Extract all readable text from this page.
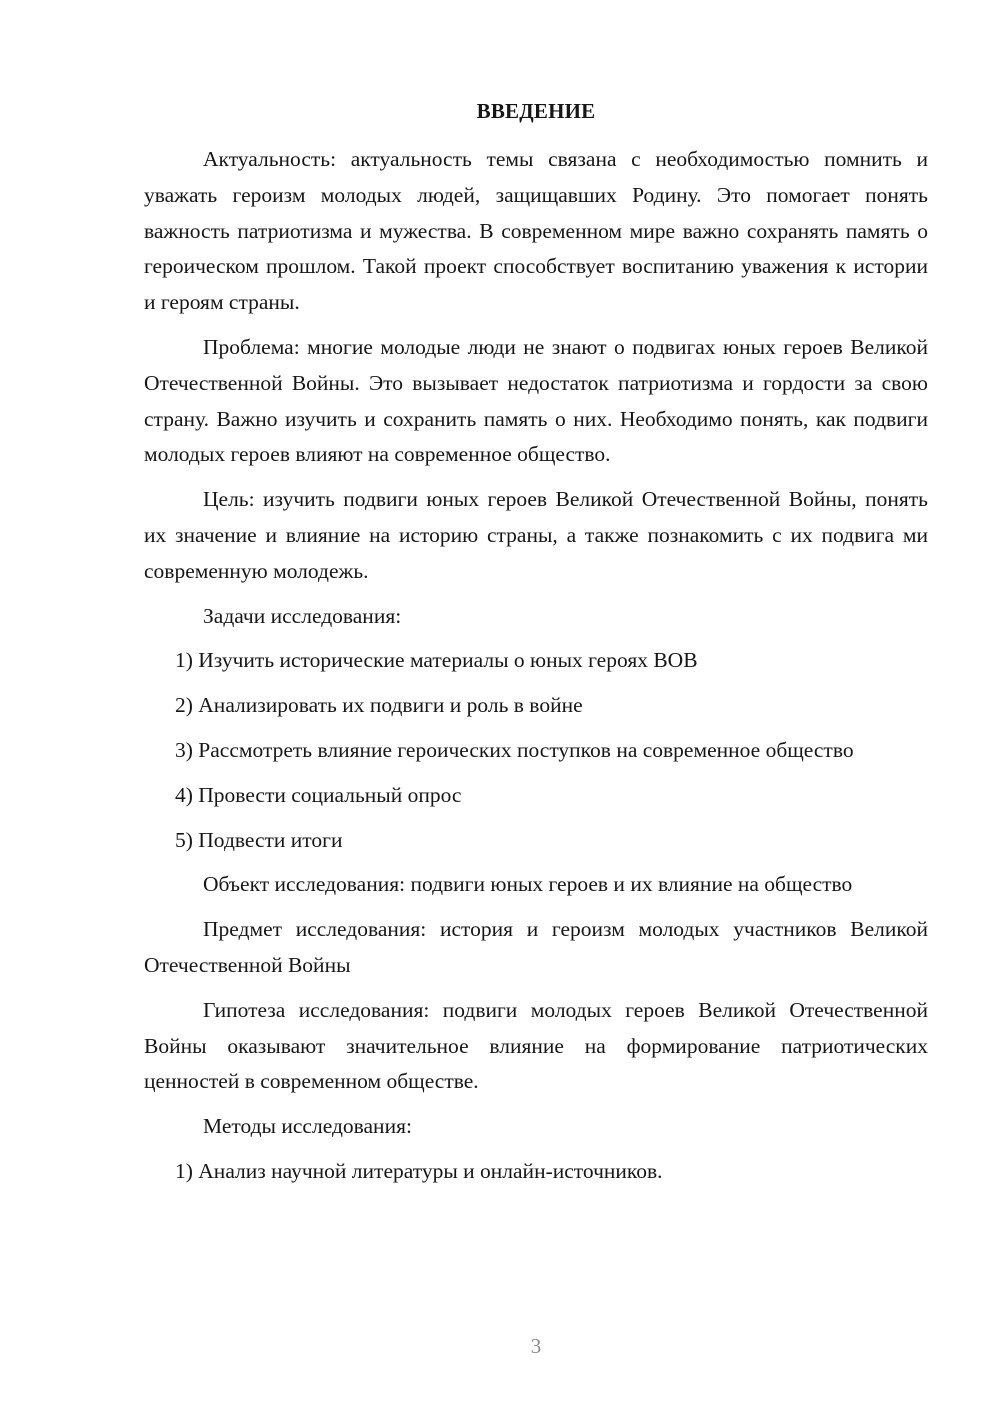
ВВЕДЕНИЕ

Актуальность: актуальность темы связана с необходимостью помнить и уважать героизм молодых людей, защищавших Родину. Это помогает понять важность патриотизма и мужества. В современном мире важно сохранять память о героическом прошлом. Такой проект способствует воспитанию уважения к истории и героям страны.

Проблема: многие молодые люди не знают о подвигах юных героев Великой Отечественной Войны. Это вызывает недостаток патриотизма и гордости за свою страну. Важно изучить и сохранить память о них. Необходимо понять, как подвиги молодых героев влияют на современное общество.

Цель: изучить подвиги юных героев Великой Отечественной Войны, понять их значение и влияние на историю страны, а также познакомить с их подвига ми современную молодежь.

Задачи исследования:

1) Изучить исторические материалы о юных героях ВОВ

2) Анализировать их подвиги и роль в войне

3) Рассмотреть влияние героических поступков на современное общество

4) Провести социальный опрос

5) Подвести итоги

Объект исследования: подвиги юных героев и их влияние на общество

Предмет исследования: история и героизм молодых участников Великой Отечественной Войны

Гипотеза исследования: подвиги молодых героев Великой Отечественной Войны оказывают значительное влияние на формирование патриотических ценностей в современном обществе.

Методы исследования:

1) Анализ научной литературы и онлайн-источников.

3
